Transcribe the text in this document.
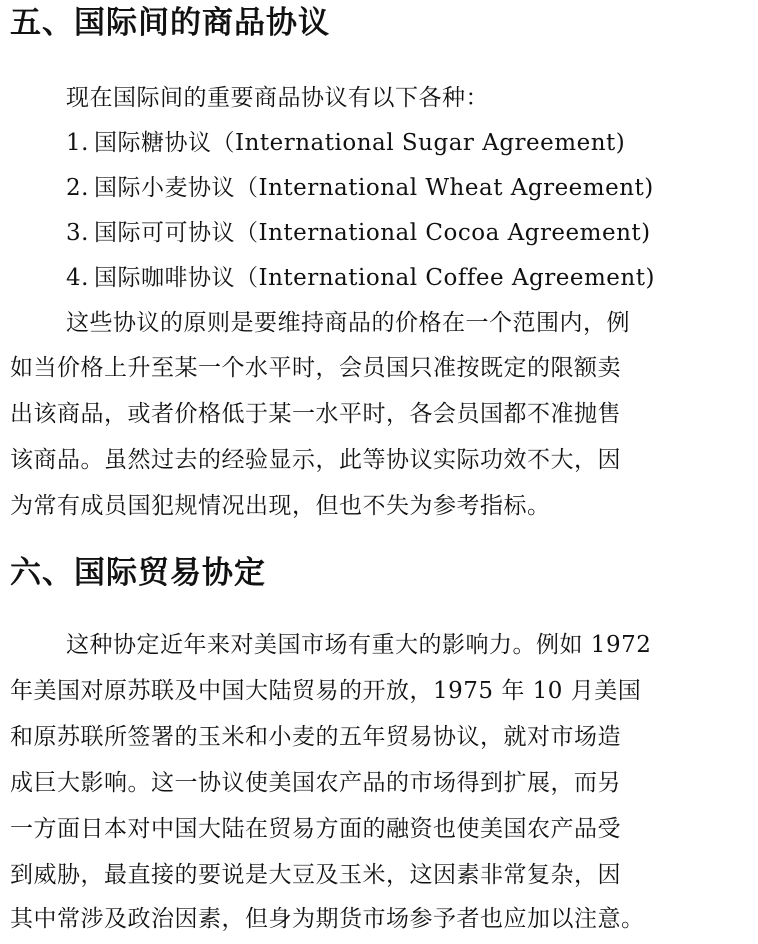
五、国际间的商品协议
现在国际间的重要商品协议有以下各种：
1. 国际糖协议（International Sugar Agreement)
2. 国际小麦协议（International Wheat Agreement)
3. 国际可可协议（International Cocoa Agreement)
4. 国际咖啡协议（International Coffee Agreement)
这些协议的原则是要维持商品的价格在一个范围内，例
如当价格上升至某一个水平时，会员国只准按既定的限额卖
出该商品，或者价格低于某一水平时，各会员国都不准抛售
该商品。虽然过去的经验显示，此等协议实际功效不大，因
为常有成员国犯规情况出现，但也不失为参考指标。
六、国际贸易协定
这种协定近年来对美国市场有重大的影响力。例如 1972
年美国对原苏联及中国大陆贸易的开放，1975 年 10 月美国
和原苏联所签署的玉米和小麦的五年贸易协议，就对市场造
成巨大影响。这一协议使美国农产品的市场得到扩展，而另
一方面日本对中国大陆在贸易方面的融资也使美国农产品受
到威胁，最直接的要说是大豆及玉米，这因素非常复杂，因
其中常涉及政治因素，但身为期货市场参予者也应加以注意。
